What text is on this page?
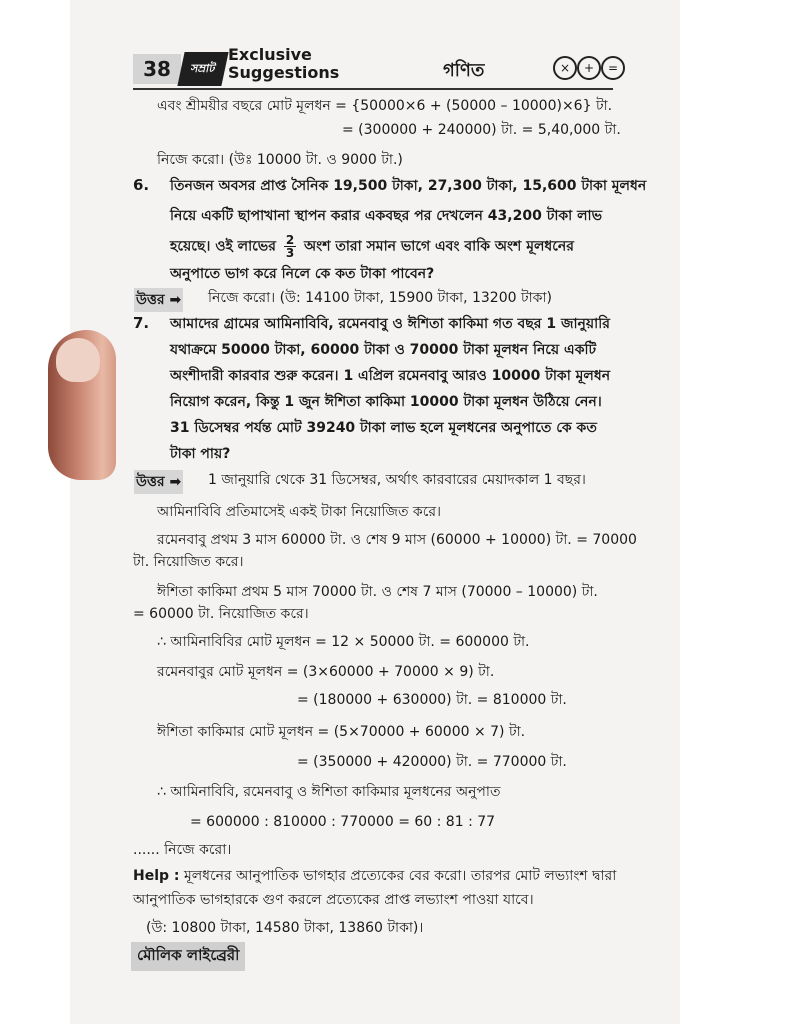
38	সম্রাট
Exclusive
Suggestions	গণিত	×	+	=
এবং শ্রীময়ীর বছরে মোট মূলধন = {50000×6 + (50000 – 10000)×6} টা.
= (300000 + 240000) টা. = 5,40,000 টা.
নিজে করো। (উঃ 10000 টা. ও 9000 টা.)
6. তিনজন অবসর প্রাপ্ত সৈনিক 19,500 টাকা, 27,300 টাকা, 15,600 টাকা মূলধন
নিয়ে একটি ছাপাখানা স্থাপন করার একবছর পর দেখলেন 43,200 টাকা লাভ
হয়েছে। ওই লাভের $\frac{2}{3}$ অংশ তারা সমান ভাগে এবং বাকি অংশ মূলধনের
অনুপাতে ভাগ করে নিলে কে কত টাকা পাবেন?
উত্তর ➡ নিজে করো। (উ: 14100 টাকা, 15900 টাকা, 13200 টাকা)
7. আমাদের গ্রামের আমিনাবিবি, রমেনবাবু ও ঈশিতা কাকিমা গত বছর 1 জানুয়ারি
যথাক্রমে 50000 টাকা, 60000 টাকা ও 70000 টাকা মূলধন নিয়ে একটি
অংশীদারী কারবার শুরু করেন। 1 এপ্রিল রমেনবাবু আরও 10000 টাকা মূলধন
নিয়োগ করেন, কিন্তু 1 জুন ঈশিতা কাকিমা 10000 টাকা মূলধন উঠিয়ে নেন।
31 ডিসেম্বর পর্যন্ত মোট 39240 টাকা লাভ হলে মূলধনের অনুপাতে কে কত
টাকা পায়?
উত্তর ➡ 1 জানুয়ারি থেকে 31 ডিসেম্বর, অর্থাৎ কারবারের মেয়াদকাল 1 বছর।
আমিনাবিবি প্রতিমাসেই একই টাকা নিয়োজিত করে।
রমেনবাবু প্রথম 3 মাস 60000 টা. ও শেষ 9 মাস (60000 + 10000) টা. = 70000
টা. নিয়োজিত করে।
ঈশিতা কাকিমা প্রথম 5 মাস 70000 টা. ও শেষ 7 মাস (70000 – 10000) টা.
= 60000 টা. নিয়োজিত করে।
∴ আমিনাবিবির মোট মূলধন = 12 × 50000 টা. = 600000 টা.
রমেনবাবুর মোট মূলধন = (3×60000 + 70000 × 9) টা.
= (180000 + 630000) টা. = 810000 টা.
ঈশিতা কাকিমার মোট মূলধন = (5×70000 + 60000 × 7) টা.
= (350000 + 420000) টা. = 770000 টা.
∴ আমিনাবিবি, রমেনবাবু ও ঈশিতা কাকিমার মূলধনের অনুপাত
= 600000 : 810000 : 770000 = 60 : 81 : 77
...... নিজে করো।
Help : মূলধনের আনুপাতিক ভাগহার প্রত্যেকের বের করো। তারপর মোট লভ্যাংশ দ্বারা
আনুপাতিক ভাগহারকে গুণ করলে প্রত্যেকের প্রাপ্ত লভ্যাংশ পাওয়া যাবে।
(উ: 10800 টাকা, 14580 টাকা, 13860 টাকা)।
মৌলিক লাইব্রেরী
